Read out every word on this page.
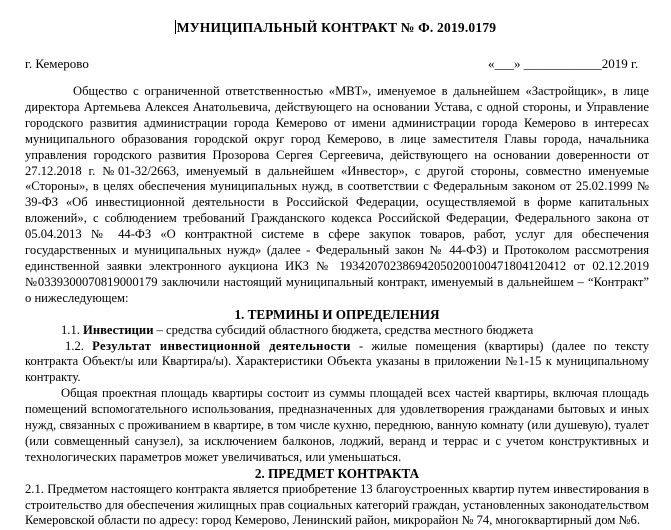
МУНИЦИПАЛЬНЫЙ КОНТРАКТ № Ф. 2019.0179
г. Кемерово	«___» ____________2019 г.

Общество с ограниченной ответственностью «МВТ», именуемое в дальнейшем «Застройщик», в лице директора Артемьева Алексея Анатольевича, действующего на основании Устава, с одной стороны, и Управление городского развития администрации города Кемерово от имени администрации города Кемерово в интересах муниципального образования городской округ город Кемерово, в лице заместителя Главы города, начальника управления городского развития Прозорова Сергея Сергеевича, действующего на основании доверенности от 27.12.2018 г. №01-32/2663, именуемый в дальнейшем «Инвестор», с другой стороны, совместно именуемые «Стороны», в целях обеспечения муниципальных нужд, в соответствии с Федеральным законом от 25.02.1999 № 39-ФЗ «Об инвестиционной деятельности в Российской Федерации, осуществляемой в форме капитальных вложений», с соблюдением требований Гражданского кодекса Российской Федерации, Федерального закона от 05.04.2013 № 44-ФЗ «О контрактной системе в сфере закупок товаров, работ, услуг для обеспечения государственных и муниципальных нужд» (далее - Федеральный закон № 44-ФЗ) и Протоколом рассмотрения единственной заявки электронного аукциона ИКЗ № 193420702386942050200100471804120412 от 02.12.2019 №0339300070819000179 заключили настоящий муниципальный контракт, именуемый в дальнейшем – “Контракт” о нижеследующем:

1. ТЕРМИНЫ И ОПРЕДЕЛЕНИЯ

1.1. Инвестиции – средства субсидий областного бюджета, средства местного бюджета

1.2. Результат инвестиционной деятельности - жилые помещения (квартиры) (далее по тексту контракта Объект/ы или Квартира/ы). Характеристики Объекта указаны в приложении №1-15 к муниципальному контракту.

Общая проектная площадь квартиры состоит из суммы площадей всех частей квартиры, включая площадь помещений вспомогательного использования, предназначенных для удовлетворения гражданами бытовых и иных нужд, связанных с проживанием в квартире, в том числе кухню, переднюю, ванную комнату (или душевую), туалет (или совмещенный санузел), за исключением балконов, лоджий, веранд и террас и с учетом конструктивных и технологических параметров может увеличиваться, или уменьшаться.

2. ПРЕДМЕТ КОНТРАКТА

2.1. Предметом настоящего контракта является приобретение 13 благоустроенных квартир путем инвестирования в строительство для обеспечения жилищных прав социальных категорий граждан, установленных законодательством Кемеровской области по адресу: город Кемерово, Ленинский район, микрорайон № 74, многоквартирный дом №6.
